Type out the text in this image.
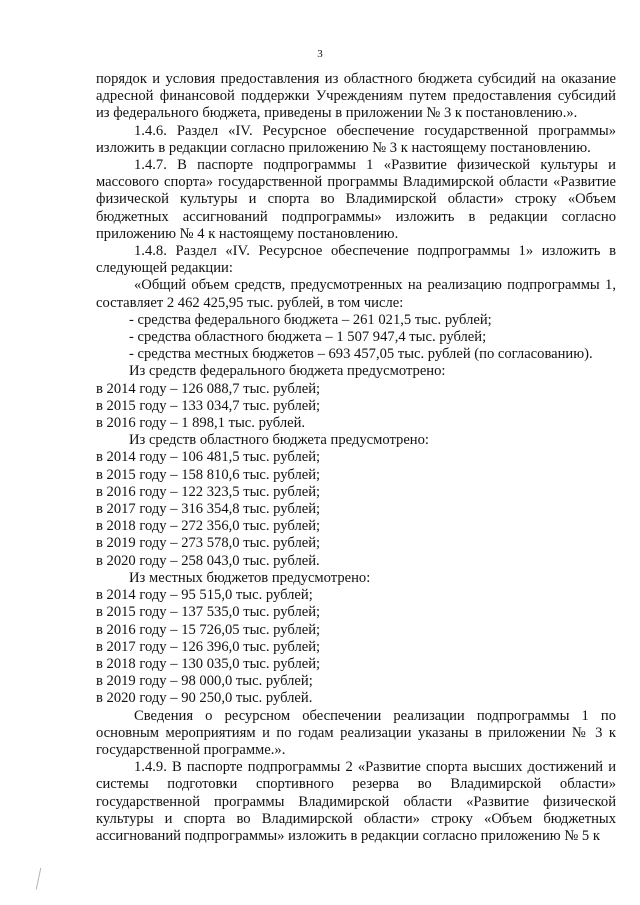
3

порядок и условия предоставления из областного бюджета субсидий на оказание адресной финансовой поддержки Учреждениям путем предоставления субсидий из федерального бюджета, приведены в приложении № 3 к постановлению.».

1.4.6. Раздел «IV. Ресурсное обеспечение государственной программы» изложить в редакции согласно приложению № 3 к настоящему постановлению.

1.4.7. В паспорте подпрограммы 1 «Развитие физической культуры и массового спорта» государственной программы Владимирской области «Развитие физической культуры и спорта во Владимирской области» строку «Объем бюджетных ассигнований подпрограммы» изложить в редакции согласно приложению № 4 к настоящему постановлению.

1.4.8. Раздел «IV. Ресурсное обеспечение подпрограммы 1» изложить в следующей редакции:

«Общий объем средств, предусмотренных на реализацию подпрограммы 1, составляет 2 462 425,95 тыс. рублей, в том числе:

- средства федерального бюджета – 261 021,5 тыс. рублей;

- средства областного бюджета – 1 507 947,4 тыс. рублей;

- средства местных бюджетов – 693 457,05 тыс. рублей (по согласованию).

Из средств федерального бюджета предусмотрено:

в 2014 году – 126 088,7 тыс. рублей;

в 2015 году – 133 034,7 тыс. рублей;

в 2016 году – 1 898,1 тыс. рублей.

Из средств областного бюджета предусмотрено:

в 2014 году – 106 481,5 тыс. рублей;

в 2015 году – 158 810,6 тыс. рублей;

в 2016 году – 122 323,5 тыс. рублей;

в 2017 году – 316 354,8 тыс. рублей;

в 2018 году – 272 356,0 тыс. рублей;

в 2019 году – 273 578,0 тыс. рублей;

в 2020 году – 258 043,0 тыс. рублей.

Из местных бюджетов предусмотрено:

в 2014 году – 95 515,0 тыс. рублей;

в 2015 году – 137 535,0 тыс. рублей;

в 2016 году – 15 726,05 тыс. рублей;

в 2017 году – 126 396,0 тыс. рублей;

в 2018 году – 130 035,0 тыс. рублей;

в 2019 году – 98 000,0 тыс. рублей;

в 2020 году – 90 250,0 тыс. рублей.

Сведения о ресурсном обеспечении реализации подпрограммы 1 по основным мероприятиям и по годам реализации указаны в приложении № 3 к государственной программе.».

1.4.9. В паспорте подпрограммы 2 «Развитие спорта высших достижений и системы подготовки спортивного резерва во Владимирской области» государственной программы Владимирской области «Развитие физической культуры и спорта во Владимирской области» строку «Объем бюджетных ассигнований подпрограммы» изложить в редакции согласно приложению № 5 к
